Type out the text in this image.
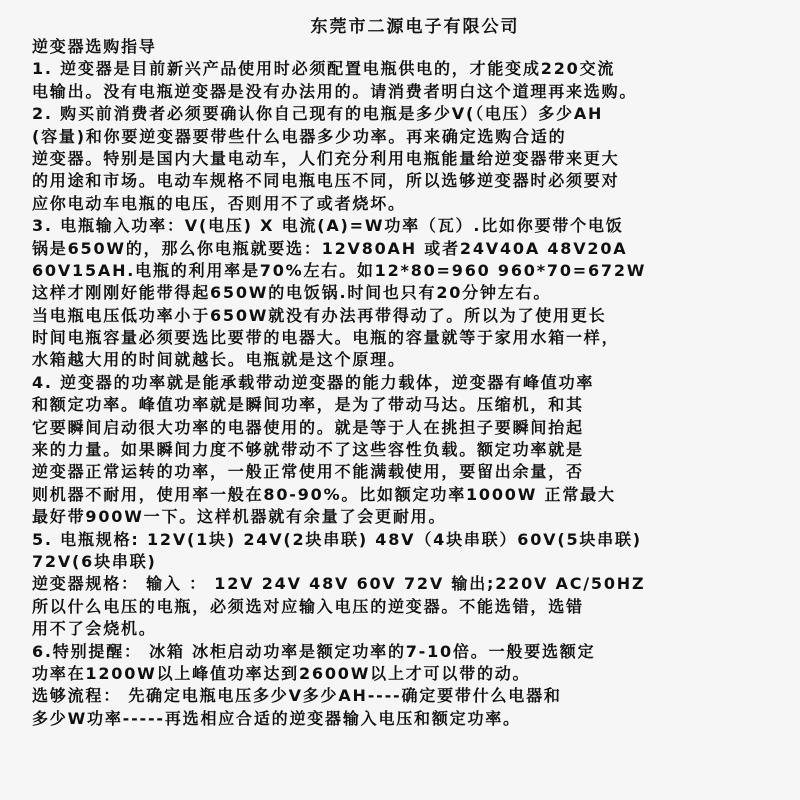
东莞市二源电子有限公司
逆变器选购指导
1. 逆变器是目前新兴产品使用时必须配置电瓶供电的，才能变成220交流
电输出。没有电瓶逆变器是没有办法用的。请消费者明白这个道理再来选购。
2. 购买前消费者必须要确认你自己现有的电瓶是多少V(（电压）多少AH
(容量)和你要逆变器要带些什么电器多少功率。再来确定选购合适的
逆变器。特别是国内大量电动车，人们充分利用电瓶能量给逆变器带来更大
的用途和市场。电动车规格不同电瓶电压不同，所以选够逆变器时必须要对
应你电动车电瓶的电压，否则用不了或者烧坏。
3. 电瓶输入功率：V(电压) X 电流(A)=W功率（瓦）.比如你要带个电饭
锅是650W的，那么你电瓶就要选：12V80AH 或者24V40A 48V20A
60V15AH.电瓶的利用率是70%左右。如12*80=960 960*70=672W
这样才刚刚好能带得起650W的电饭锅.时间也只有20分钟左右。
当电瓶电压低功率小于650W就没有办法再带得动了。所以为了使用更长
时间电瓶容量必须要选比要带的电器大。电瓶的容量就等于家用水箱一样，
水箱越大用的时间就越长。电瓶就是这个原理。
4. 逆变器的功率就是能承载带动逆变器的能力载体，逆变器有峰值功率
和额定功率。峰值功率就是瞬间功率，是为了带动马达。压缩机，和其
它要瞬间启动很大功率的电器使用的。就是等于人在挑担子要瞬间抬起
来的力量。如果瞬间力度不够就带动不了这些容性负载。额定功率就是
逆变器正常运转的功率，一般正常使用不能满载使用，要留出余量，否
则机器不耐用，使用率一般在80-90%。比如额定功率1000W 正常最大
最好带900W一下。这样机器就有余量了会更耐用。
5. 电瓶规格: 12V(1块) 24V(2块串联) 48V（4块串联）60V(5块串联)
72V(6块串联)
逆变器规格： 输入 ： 12V 24V 48V 60V 72V 输出;220V AC/50HZ
所以什么电压的电瓶，必须选对应输入电压的逆变器。不能选错，选错
用不了会烧机。
6.特别提醒： 冰箱 冰柜启动功率是额定功率的7-10倍。一般要选额定
功率在1200W以上峰值功率达到2600W以上才可以带的动。
选够流程： 先确定电瓶电压多少V多少AH----确定要带什么电器和
多少W功率-----再选相应合适的逆变器输入电压和额定功率。
